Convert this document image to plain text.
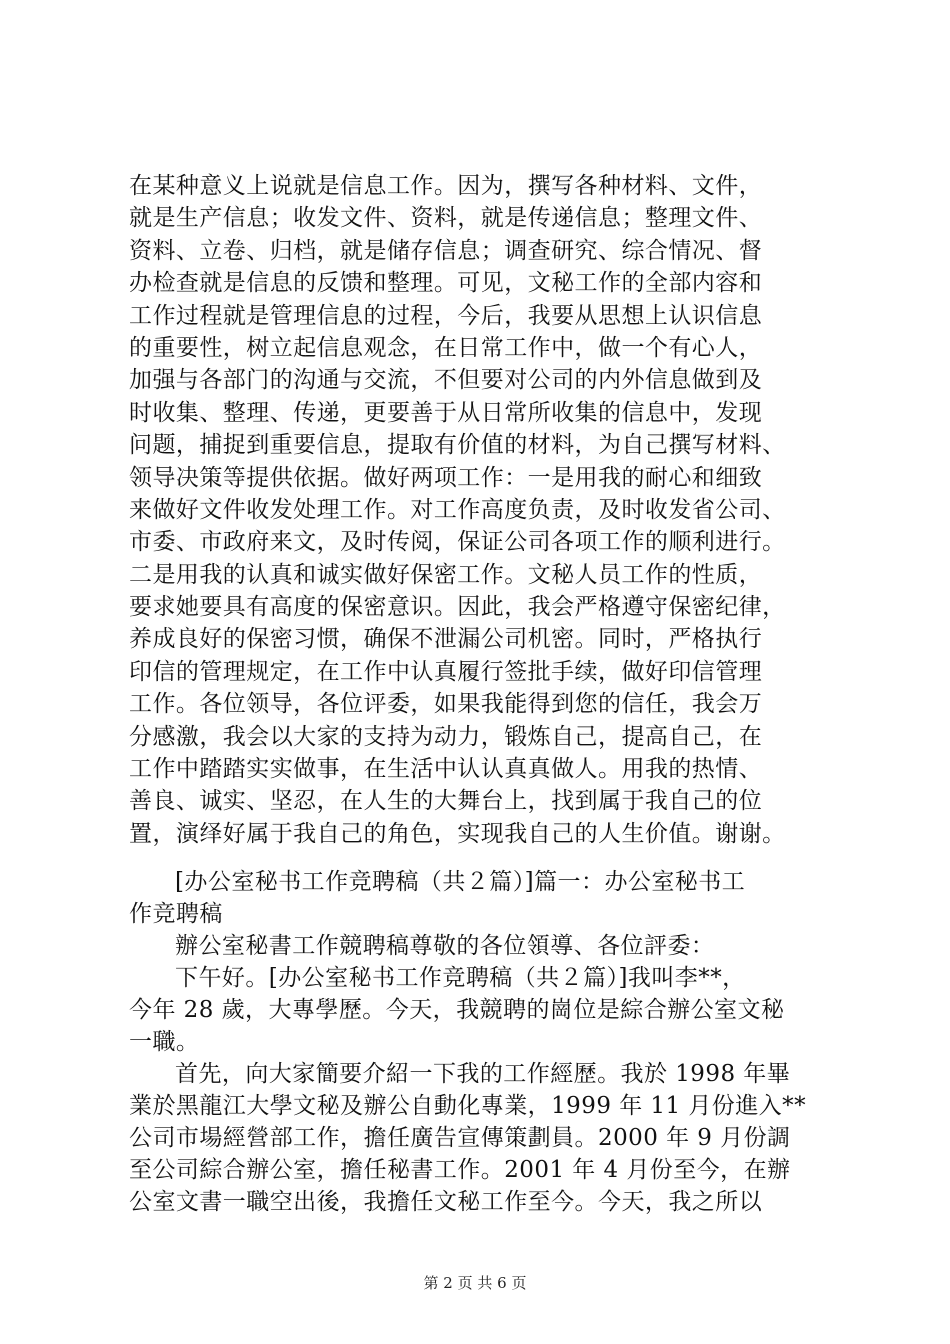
在某种意义上说就是信息工作。因为，撰写各种材料、文件，
就是生产信息；收发文件、资料，就是传递信息；整理文件、
资料、立卷、归档，就是储存信息；调查研究、综合情况、督
办检查就是信息的反馈和整理。可见，文秘工作的全部内容和
工作过程就是管理信息的过程，今后，我要从思想上认识信息
的重要性，树立起信息观念，在日常工作中，做一个有心人，
加强与各部门的沟通与交流，不但要对公司的内外信息做到及
时收集、整理、传递，更要善于从日常所收集的信息中，发现
问题，捕捉到重要信息，提取有价值的材料，为自己撰写材料、
领导决策等提供依据。做好两项工作：一是用我的耐心和细致
来做好文件收发处理工作。对工作高度负责，及时收发省公司、
市委、市政府来文，及时传阅，保证公司各项工作的顺利进行。
二是用我的认真和诚实做好保密工作。文秘人员工作的性质，
要求她要具有高度的保密意识。因此，我会严格遵守保密纪律，
养成良好的保密习惯，确保不泄漏公司机密。同时，严格执行
印信的管理规定，在工作中认真履行签批手续，做好印信管理
工作。各位领导，各位评委，如果我能得到您的信任，我会万
分感激，我会以大家的支持为动力，锻炼自己，提高自己，在
工作中踏踏实实做事，在生活中认认真真做人。用我的热情、
善良、诚实、坚忍，在人生的大舞台上，找到属于我自己的位
置，演绎好属于我自己的角色，实现我自己的人生价值。谢谢。
[办公室秘书工作竞聘稿（共２篇）]篇一：办公室秘书工
作竞聘稿
辦公室秘書工作競聘稿尊敬的各位領導、各位評委：
下午好。[办公室秘书工作竞聘稿（共２篇）]我叫李**，
今年 28 歲，大專學歷。今天，我競聘的崗位是綜合辦公室文秘
一職。
首先，向大家簡要介紹一下我的工作經歷。我於 1998 年畢
業於黑龍江大學文秘及辦公自動化專業，1999 年 11 月份進入**
公司市場經營部工作，擔任廣告宣傳策劃員。2000 年 9 月份調
至公司綜合辦公室，擔任秘書工作。2001 年 4 月份至今，在辦
公室文書一職空出後，我擔任文秘工作至今。今天，我之所以
第 2 页 共 6 页
